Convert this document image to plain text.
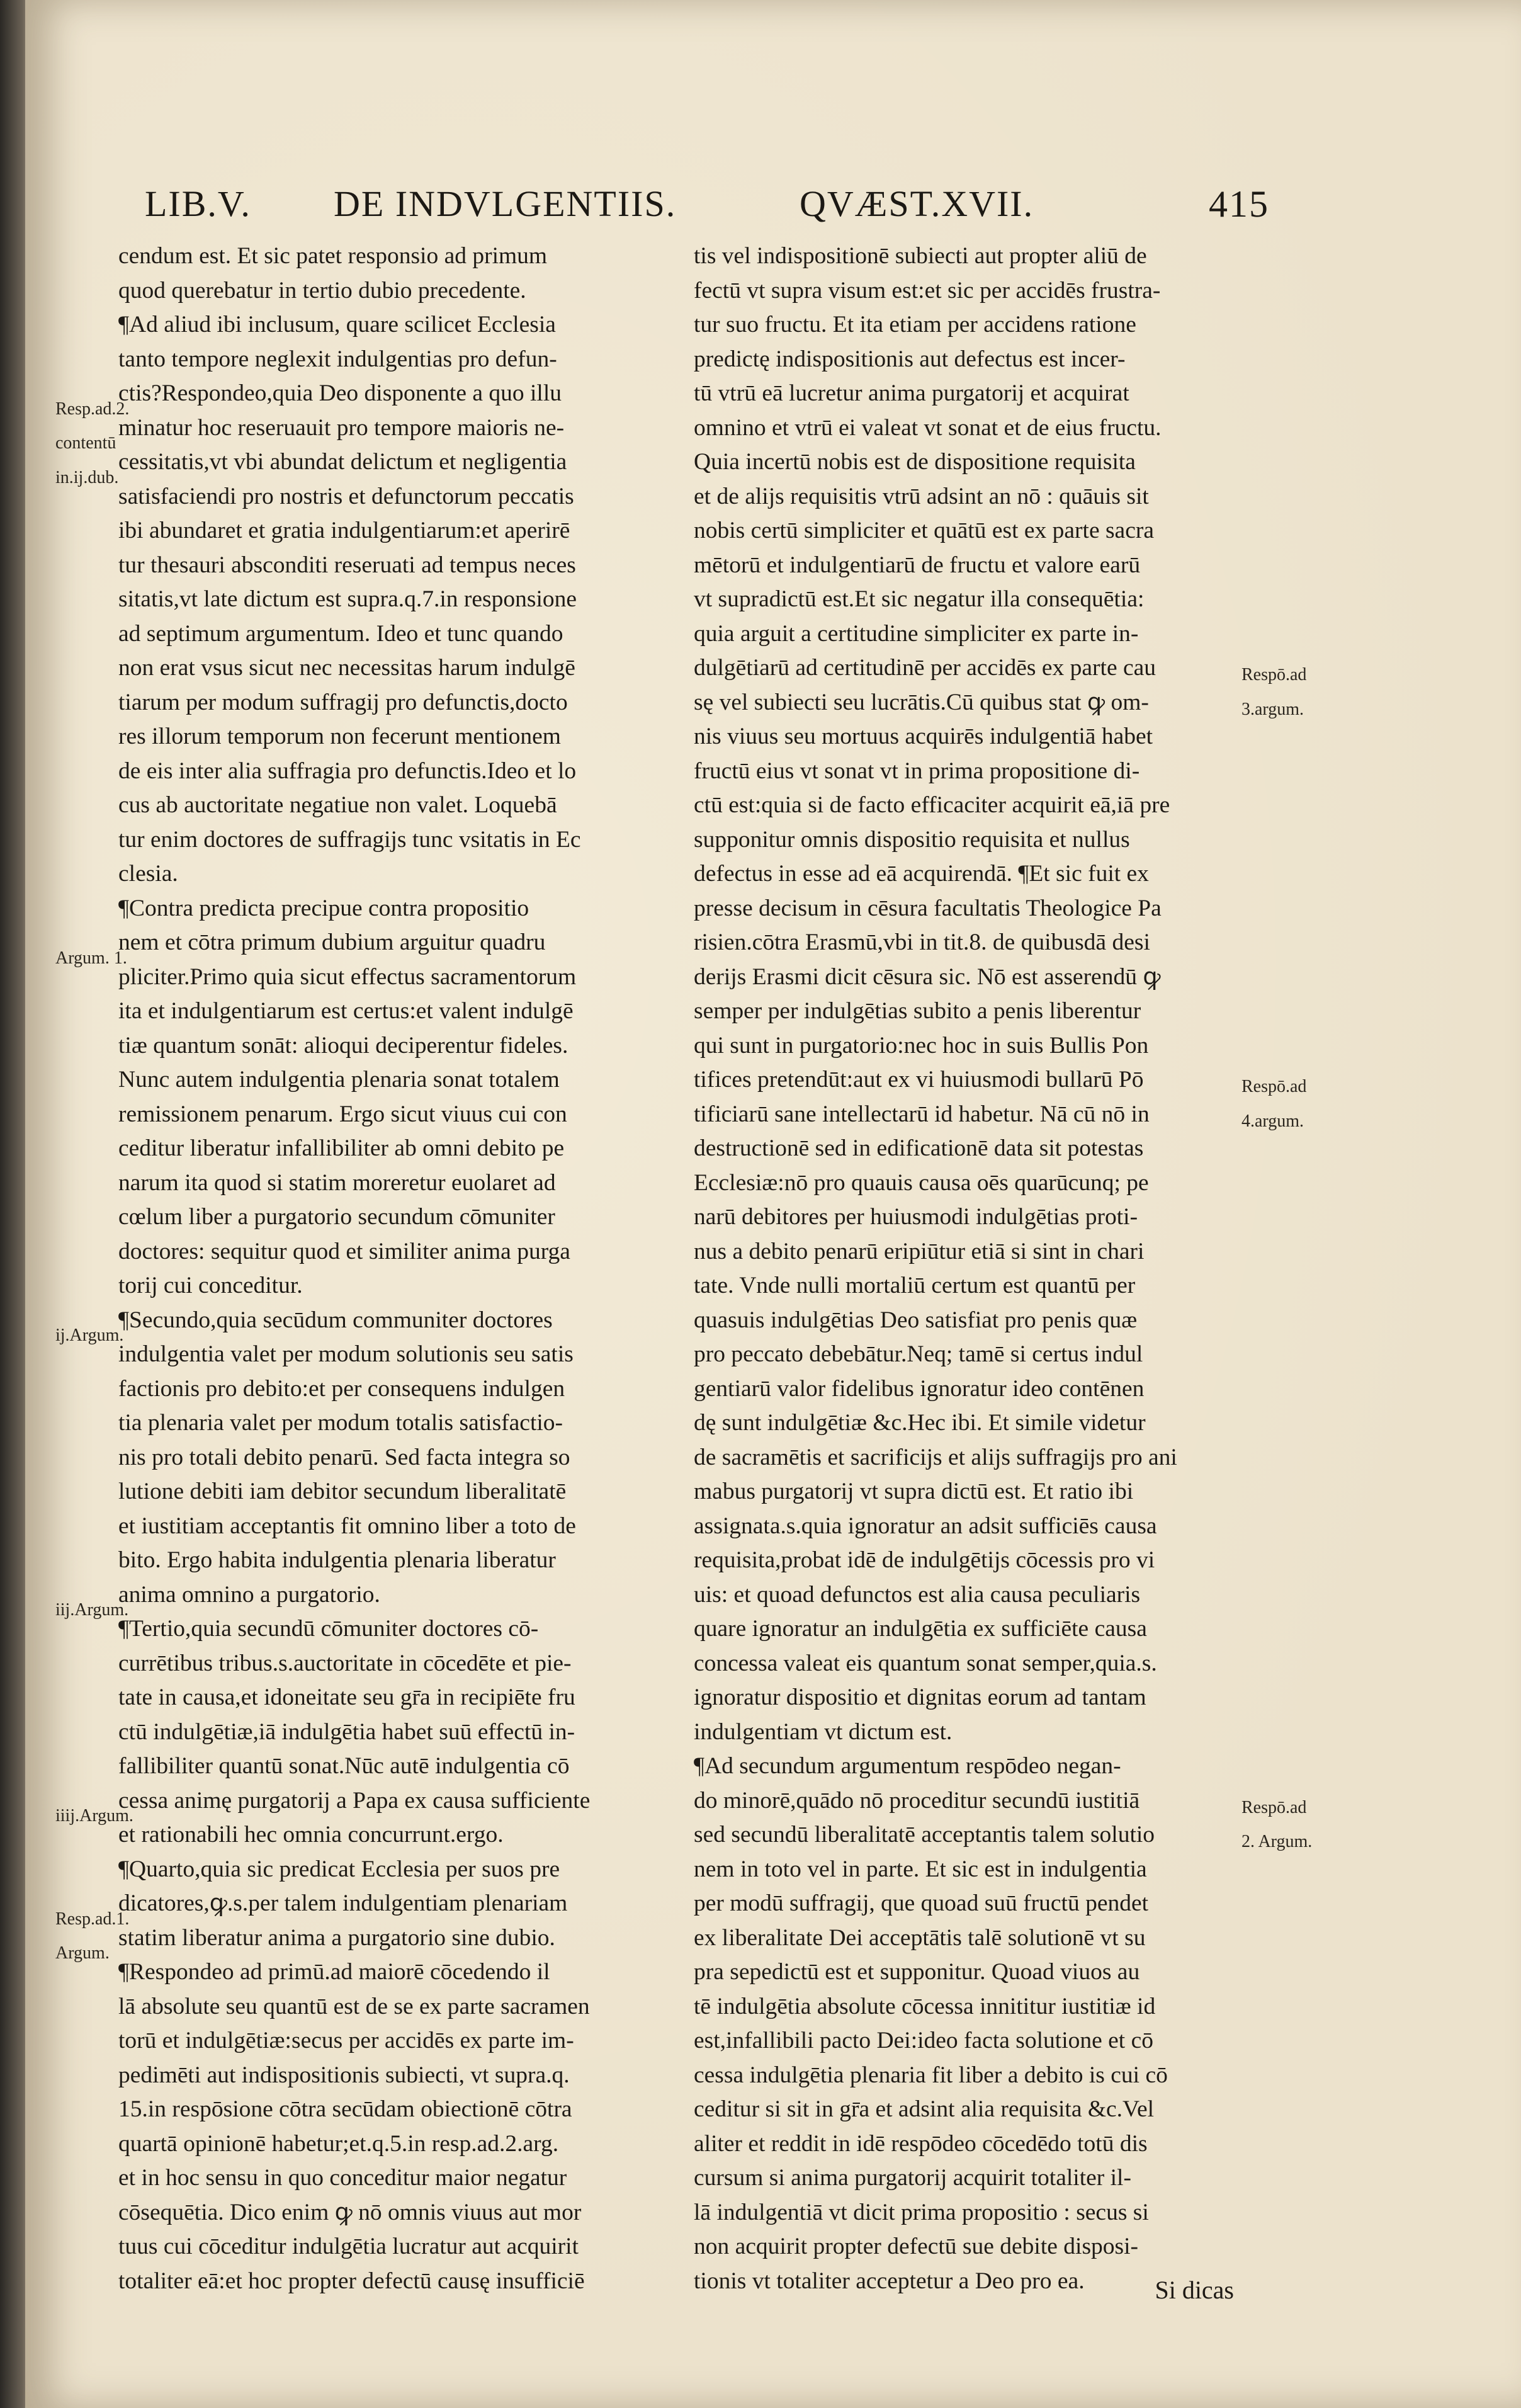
LIB.V. DE INDVLGENTIIS.	QVÆST.XVII.	415
Resp.ad.2.
contentū
in.ij.dub.
Argum. 1.
ij.Argum.
iij.Argum.
iiij.Argum.
Resp.ad.1.
Argum.
cendum est. Et sic patet responsio ad primum
quod querebatur in tertio dubio precedente.
¶Ad aliud ibi inclusum, quare scilicet Ecclesia
tanto tempore neglexit indulgentias pro defun-
ctis?Respondeo,quia Deo disponente a quo illu
minatur hoc reseruauit pro tempore maioris ne-
cessitatis,vt vbi abundat delictum et negligentia
satisfaciendi pro nostris et defunctorum peccatis
ibi abundaret et gratia indulgentiarum:et aperirē
tur thesauri absconditi reseruati ad tempus neces
sitatis,vt late dictum est supra.q.7.in responsione
ad septimum argumentum. Ideo et tunc quando
non erat vsus sicut nec necessitas harum indulgē
tiarum per modum suffragij pro defunctis,docto
res illorum temporum non fecerunt mentionem
de eis inter alia suffragia pro defunctis.Ideo et lo
cus ab auctoritate negatiue non valet. Loquebā
tur enim doctores de suffragijs tunc vsitatis in Ec
clesia.
¶Contra predicta precipue contra propositio
nem et cōtra primum dubium arguitur quadru
pliciter.Primo quia sicut effectus sacramentorum
ita et indulgentiarum est certus:et valent indulgē
tiæ quantum sonāt: alioqui deciperentur fideles.
Nunc autem indulgentia plenaria sonat totalem
remissionem penarum. Ergo sicut viuus cui con
ceditur liberatur infallibiliter ab omni debito pe
narum ita quod si statim moreretur euolaret ad
cœlum liber a purgatorio secundum cōmuniter
doctores: sequitur quod et similiter anima purga
torij cui conceditur.
¶Secundo,quia secūdum communiter doctores
indulgentia valet per modum solutionis seu satis
factionis pro debito:et per consequens indulgen
tia plenaria valet per modum totalis satisfactio-
nis pro totali debito penarū. Sed facta integra so
lutione debiti iam debitor secundum liberalitatē
et iustitiam acceptantis fit omnino liber a toto de
bito. Ergo habita indulgentia plenaria liberatur
anima omnino a purgatorio.
¶Tertio,quia secundū cōmuniter doctores cō-
currētibus tribus.s.auctoritate in cōcedēte et pie-
tate in causa,et idoneitate seu gr̄a in recipiēte fru
ctū indulgētiæ,iā indulgētia habet suū effectū in-
fallibiliter quantū sonat.Nūc autē indulgentia cō
cessa animę purgatorij a Papa ex causa sufficiente
et rationabili hec omnia concurrunt.ergo.
¶Quarto,quia sic predicat Ecclesia per suos pre
dicatores,ꝙ.s.per talem indulgentiam plenariam
statim liberatur anima a purgatorio sine dubio.
¶Respondeo ad primū.ad maiorē cōcedendo il
lā absolute seu quantū est de se ex parte sacramen
torū et indulgētiæ:secus per accidēs ex parte im-
pedimēti aut indispositionis subiecti, vt supra.q.
15.in respōsione cōtra secūdam obiectionē cōtra
quartā opinionē habetur;et.q.5.in resp.ad.2.arg.
et in hoc sensu in quo conceditur maior negatur
cōsequētia. Dico enim ꝙ nō omnis viuus aut mor
tuus cui cōceditur indulgētia lucratur aut acquirit
totaliter eā:et hoc propter defectū causę insufficiē
tis vel indispositionē subiecti aut propter aliū de
fectū vt supra visum est:et sic per accidēs frustra-
tur suo fructu. Et ita etiam per accidens ratione
predictę indispositionis aut defectus est incer-
tū vtrū eā lucretur anima purgatorij et acquirat
omnino et vtrū ei valeat vt sonat et de eius fructu.
Quia incertū nobis est de dispositione requisita
et de alijs requisitis vtrū adsint an nō : quāuis sit
nobis certū simpliciter et quātū est ex parte sacra
mētorū et indulgentiarū de fructu et valore earū
vt supradictū est.Et sic negatur illa consequētia:
quia arguit a certitudine simpliciter ex parte in-
dulgētiarū ad certitudinē per accidēs ex parte cau
sę vel subiecti seu lucrātis.Cū quibus stat ꝙ om-
nis viuus seu mortuus acquirēs indulgentiā habet
fructū eius vt sonat vt in prima propositione di-
ctū est:quia si de facto efficaciter acquirit eā,iā pre
supponitur omnis dispositio requisita et nullus
defectus in esse ad eā acquirendā. ¶Et sic fuit ex
presse decisum in cēsura facultatis Theologice Pa
risien.cōtra Erasmū,vbi in tit.8. de quibusdā desi
derijs Erasmi dicit cēsura sic. Nō est asserendū ꝙ
semper per indulgētias subito a penis liberentur
qui sunt in purgatorio:nec hoc in suis Bullis Pon
tifices pretendūt:aut ex vi huiusmodi bullarū Pō
tificiarū sane intellectarū id habetur. Nā cū nō in
destructionē sed in edificationē data sit potestas
Ecclesiæ:nō pro quauis causa oēs quarūcunq; pe
narū debitores per huiusmodi indulgētias proti-
nus a debito penarū eripiūtur etiā si sint in chari
tate. Vnde nulli mortaliū certum est quantū per
quasuis indulgētias Deo satisfiat pro penis quæ
pro peccato debebātur.Neq; tamē si certus indul
gentiarū valor fidelibus ignoratur ideo contēnen
dę sunt indulgētiæ &c.Hec ibi. Et simile videtur
de sacramētis et sacrificijs et alijs suffragijs pro ani
mabus purgatorij vt supra dictū est. Et ratio ibi
assignata.s.quia ignoratur an adsit sufficiēs causa
requisita,probat idē de indulgētijs cōcessis pro vi
uis: et quoad defunctos est alia causa peculiaris
quare ignoratur an indulgētia ex sufficiēte causa
concessa valeat eis quantum sonat semper,quia.s.
ignoratur dispositio et dignitas eorum ad tantam
indulgentiam vt dictum est.
¶Ad secundum argumentum respōdeo negan-
do minorē,quādo nō proceditur secundū iustitiā
sed secundū liberalitatē acceptantis talem solutio
nem in toto vel in parte. Et sic est in indulgentia
per modū suffragij, que quoad suū fructū pendet
ex liberalitate Dei acceptātis talē solutionē vt su
pra sepedictū est et supponitur. Quoad viuos au
tē indulgētia absolute cōcessa innititur iustitiæ id
est,infallibili pacto Dei:ideo facta solutione et cō
cessa indulgētia plenaria fit liber a debito is cui cō
ceditur si sit in gr̄a et adsint alia requisita &c.Vel
aliter et reddit in idē respōdeo cōcedēdo totū dis
cursum si anima purgatorij acquirit totaliter il-
lā indulgentiā vt dicit prima propositio : secus si
non acquirit propter defectū sue debite disposi-
tionis vt totaliter acceptetur a Deo pro ea.	Si dicas
Respō.ad
3.argum.
Respō.ad
4.argum.
Respō.ad
2. Argum.
